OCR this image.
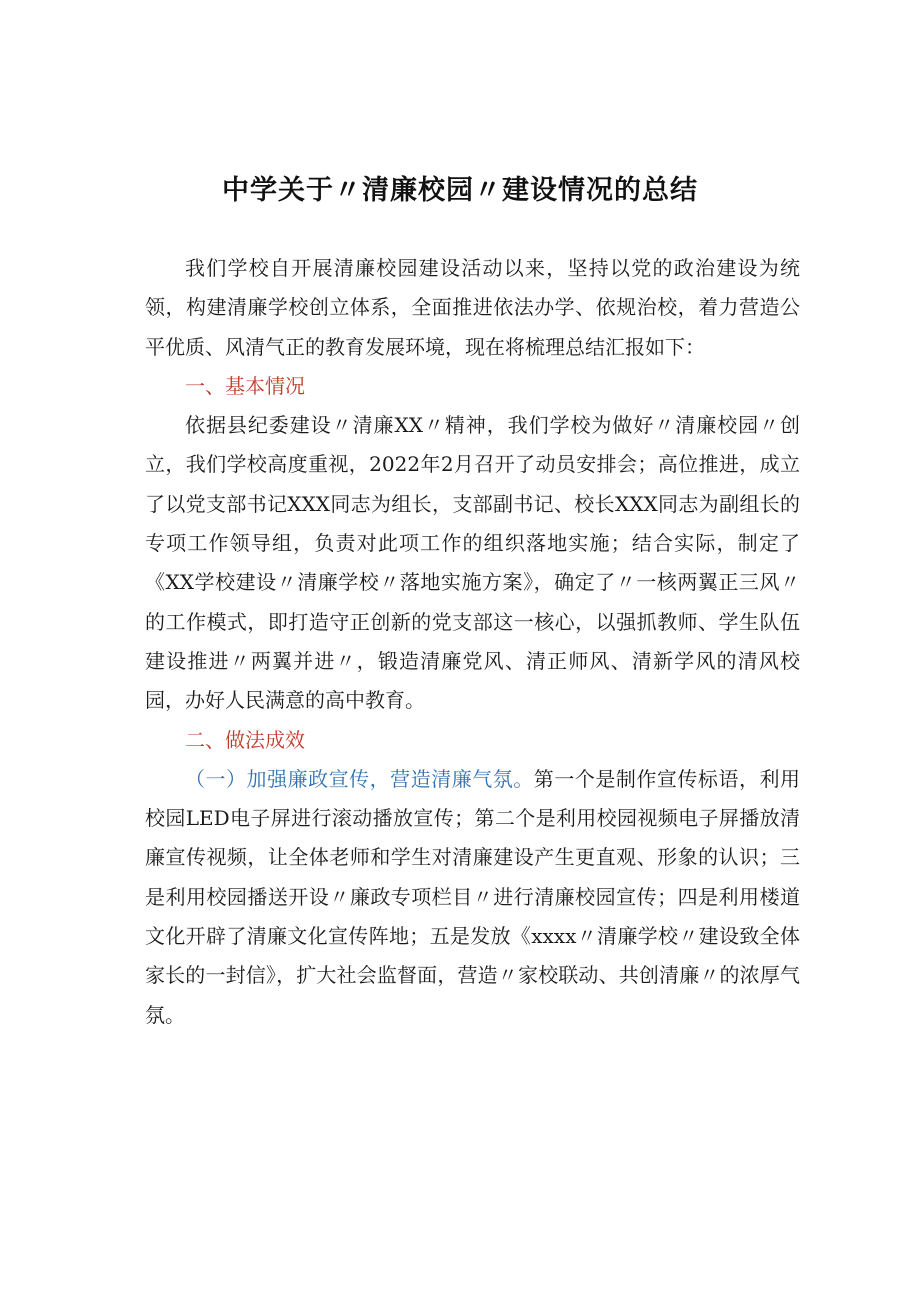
中学关于〃清廉校园〃建设情况的总结

我们学校自开展清廉校园建设活动以来，坚持以党的政治建设为统领，构建清廉学校创立体系，全面推进依法办学、依规治校，着力营造公平优质、风清气正的教育发展环境，现在将梳理总结汇报如下：

一、基本情况

依据县纪委建设〃清廉XX〃精神，我们学校为做好〃清廉校园〃创立，我们学校高度重视，2022年2月召开了动员安排会；高位推进，成立了以党支部书记XXX同志为组长，支部副书记、校长XXX同志为副组长的专项工作领导组，负责对此项工作的组织落地实施；结合实际，制定了《XX学校建设〃清廉学校〃落地实施方案》，确定了〃一核两翼正三风〃的工作模式，即打造守正创新的党支部这一核心，以强抓教师、学生队伍建设推进〃两翼并进〃，锻造清廉党风、清正师风、清新学风的清风校园，办好人民满意的高中教育。

二、做法成效

（一）加强廉政宣传，营造清廉气氛。第一个是制作宣传标语，利用校园LED电子屏进行滚动播放宣传；第二个是利用校园视频电子屏播放清廉宣传视频，让全体老师和学生对清廉建设产生更直观、形象的认识；三是利用校园播送开设〃廉政专项栏目〃进行清廉校园宣传；四是利用楼道文化开辟了清廉文化宣传阵地；五是发放《xxxx〃清廉学校〃建设致全体家长的一封信》，扩大社会监督面，营造〃家校联动、共创清廉〃的浓厚气氛。
